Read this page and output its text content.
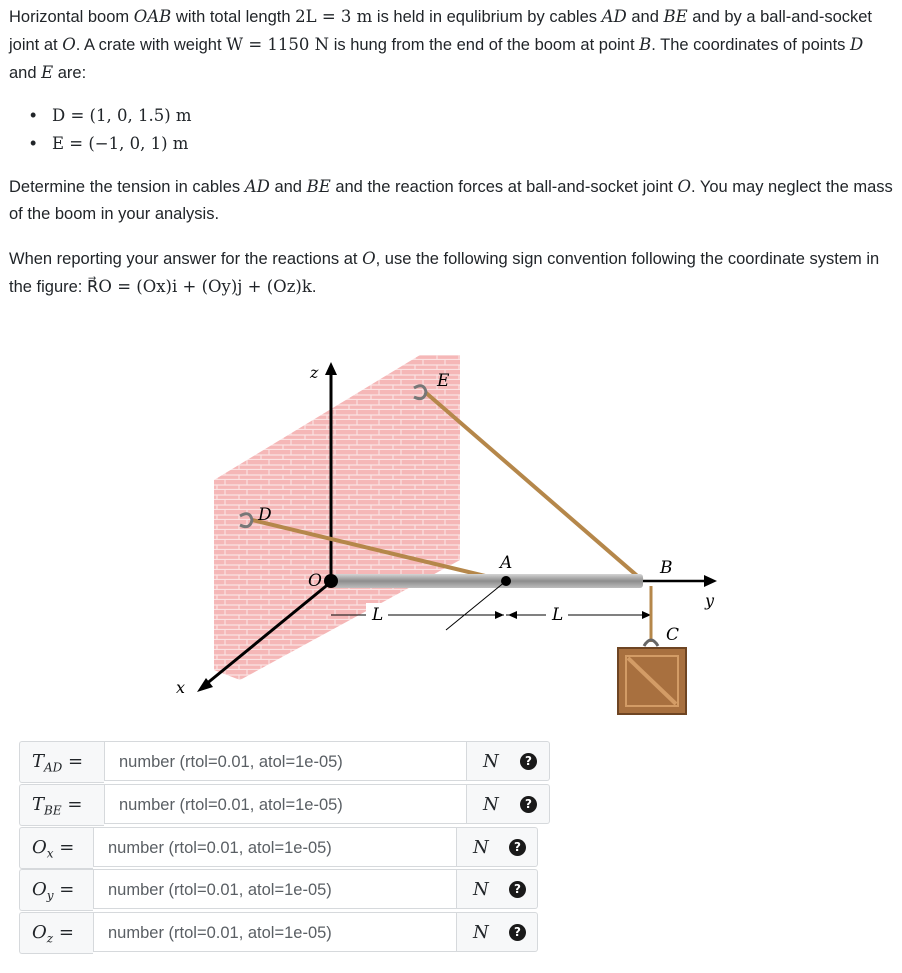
Horizontal boom OAB with total length 2L = 3 m is held in equlibrium by cables AD and BE and by a ball-and-socket joint at O. A crate with weight W = 1150 N is hung from the end of the boom at point B. The coordinates of points D and E are:

• D = (1, 0, 1.5) m
• E = (−1, 0, 1) m

Determine the tension in cables AD and BE and the reaction forces at ball-and-socket joint O. You may neglect the mass of the boom in your analysis.

When reporting your answer for the reactions at O, use the following sign convention following the coordinate system in the figure: R⃗O = (Ox)i + (Oy)j + (Oz)k.

z
x
E
D
O
A	B
y
L	L
C
$T_{AD}$ =	number (rtol=0.01, atol=1e-05)	N	?
$T_{BE}$ =	number (rtol=0.01, atol=1e-05)	N	?
$O_x$ =	number (rtol=0.01, atol=1e-05)	N	?
$O_y$ =	number (rtol=0.01, atol=1e-05)	N	?
$O_z$ =	number (rtol=0.01, atol=1e-05)	N	?
